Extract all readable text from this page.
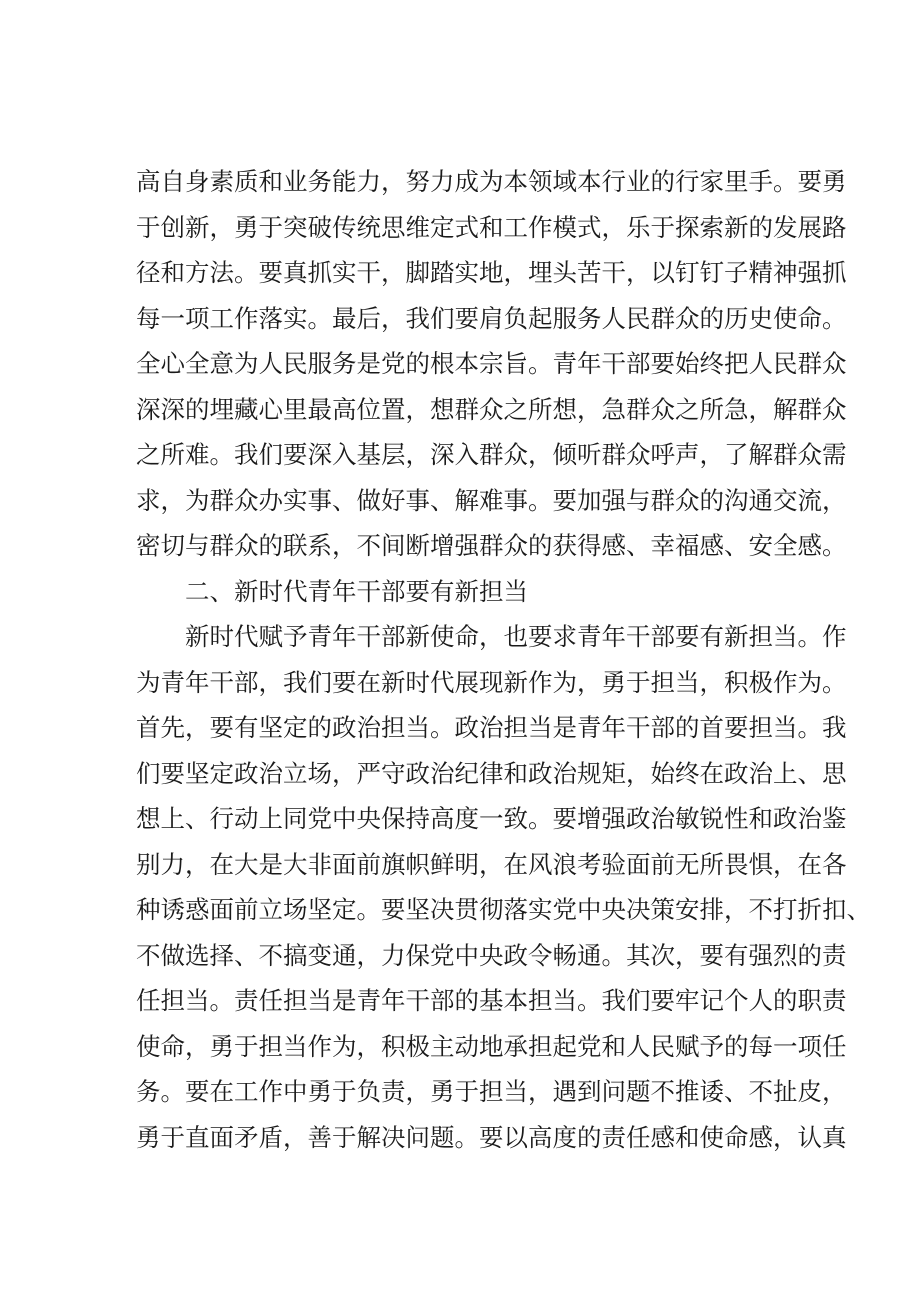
高自身素质和业务能力，努力成为本领域本行业的行家里手。要勇
于创新，勇于突破传统思维定式和工作模式，乐于探索新的发展路
径和方法。要真抓实干，脚踏实地，埋头苦干，以钉钉子精神强抓
每一项工作落实。最后，我们要肩负起服务人民群众的历史使命。
全心全意为人民服务是党的根本宗旨。青年干部要始终把人民群众
深深的埋藏心里最高位置，想群众之所想，急群众之所急，解群众
之所难。我们要深入基层，深入群众，倾听群众呼声，了解群众需
求，为群众办实事、做好事、解难事。要加强与群众的沟通交流，
密切与群众的联系，不间断增强群众的获得感、幸福感、安全感。
二、新时代青年干部要有新担当
新时代赋予青年干部新使命，也要求青年干部要有新担当。作
为青年干部，我们要在新时代展现新作为，勇于担当，积极作为。
首先，要有坚定的政治担当。政治担当是青年干部的首要担当。我
们要坚定政治立场，严守政治纪律和政治规矩，始终在政治上、思
想上、行动上同党中央保持高度一致。要增强政治敏锐性和政治鉴
别力，在大是大非面前旗帜鲜明，在风浪考验面前无所畏惧，在各
种诱惑面前立场坚定。要坚决贯彻落实党中央决策安排，不打折扣、
不做选择、不搞变通，力保党中央政令畅通。其次，要有强烈的责
任担当。责任担当是青年干部的基本担当。我们要牢记个人的职责
使命，勇于担当作为，积极主动地承担起党和人民赋予的每一项任
务。要在工作中勇于负责，勇于担当，遇到问题不推诿、不扯皮，
勇于直面矛盾，善于解决问题。要以高度的责任感和使命感，认真
